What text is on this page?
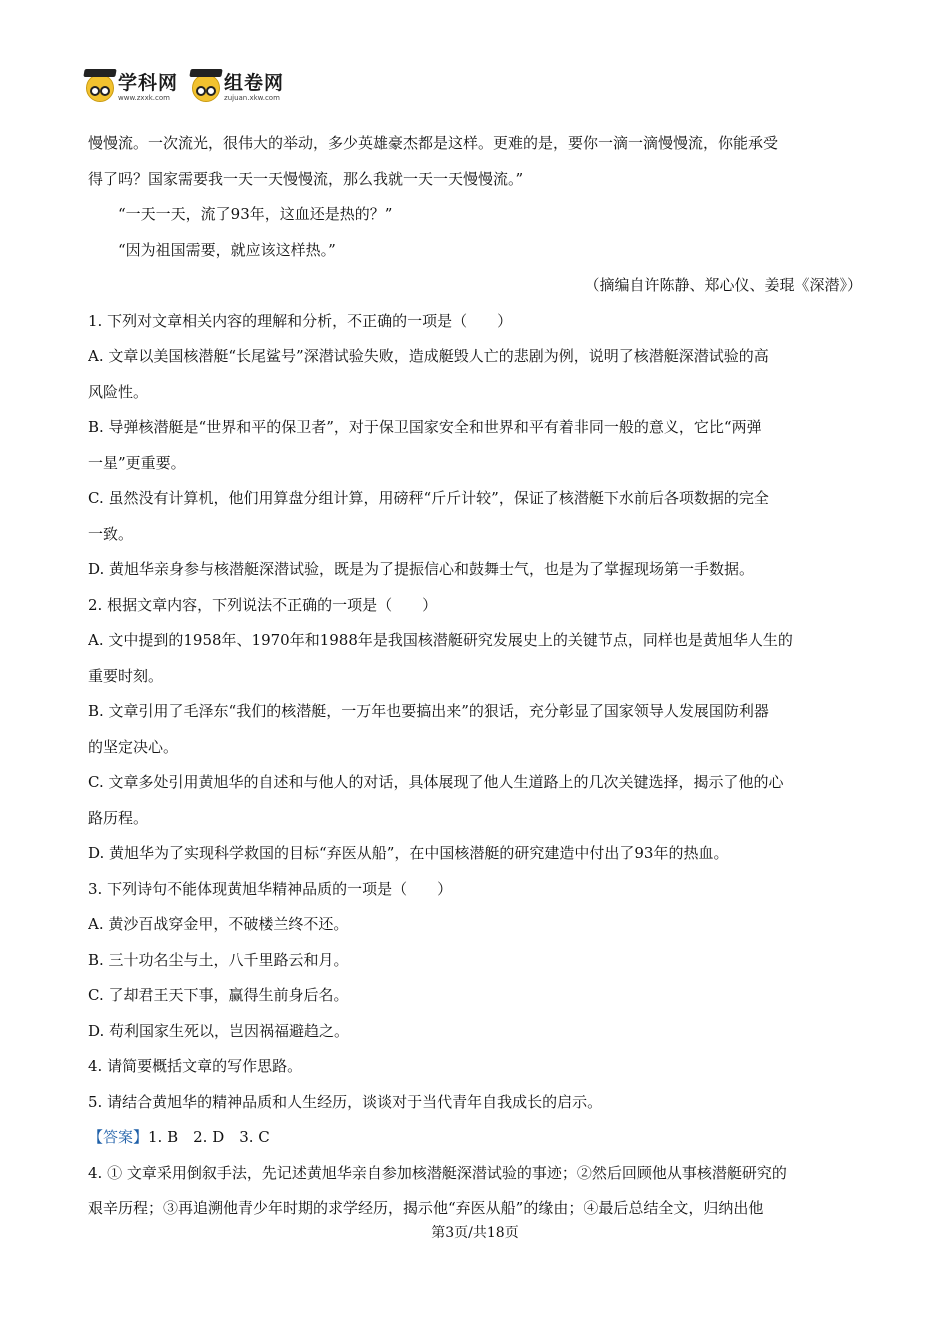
学科网
www.zxxk.com
组卷网
zujuan.xkw.com
慢慢流。一次流光，很伟大的举动，多少英雄豪杰都是这样。更难的是，要你一滴一滴慢慢流，你能承受
得了吗？国家需要我一天一天慢慢流，那么我就一天一天慢慢流。”
“一天一天，流了93年，这血还是热的？”
“因为祖国需要，就应该这样热。”
（摘编自许陈静、郑心仪、姜琨《深潜》）
1. 下列对文章相关内容的理解和分析，不正确的一项是（　　）
A. 文章以美国核潜艇“长尾鲨号”深潜试验失败，造成艇毁人亡的悲剧为例，说明了核潜艇深潜试验的高
风险性。
B. 导弹核潜艇是“世界和平的保卫者”，对于保卫国家安全和世界和平有着非同一般的意义，它比“两弹
一星”更重要。
C. 虽然没有计算机，他们用算盘分组计算，用磅秤“斤斤计较”，保证了核潜艇下水前后各项数据的完全
一致。
D. 黄旭华亲身参与核潜艇深潜试验，既是为了提振信心和鼓舞士气，也是为了掌握现场第一手数据。
2. 根据文章内容，下列说法不正确的一项是（　　）
A. 文中提到的1958年、1970年和1988年是我国核潜艇研究发展史上的关键节点，同样也是黄旭华人生的
重要时刻。
B. 文章引用了毛泽东“我们的核潜艇，一万年也要搞出来”的狠话，充分彰显了国家领导人发展国防利器
的坚定决心。
C. 文章多处引用黄旭华的自述和与他人的对话，具体展现了他人生道路上的几次关键选择，揭示了他的心
路历程。
D. 黄旭华为了实现科学救国的目标“弃医从船”，在中国核潜艇的研究建造中付出了93年的热血。
3. 下列诗句不能体现黄旭华精神品质的一项是（　　）
A. 黄沙百战穿金甲，不破楼兰终不还。
B. 三十功名尘与土，八千里路云和月。
C. 了却君王天下事，赢得生前身后名。
D. 苟利国家生死以，岂因祸福避趋之。
4. 请简要概括文章的写作思路。
5. 请结合黄旭华的精神品质和人生经历，谈谈对于当代青年自我成长的启示。
【答案】1. B　2. D　3. C
4. ① 文章采用倒叙手法，先记述黄旭华亲自参加核潜艇深潜试验的事迹；②然后回顾他从事核潜艇研究的
艰辛历程；③再追溯他青少年时期的求学经历，揭示他“弃医从船”的缘由；④最后总结全文，归纳出他
第3页/共18页
